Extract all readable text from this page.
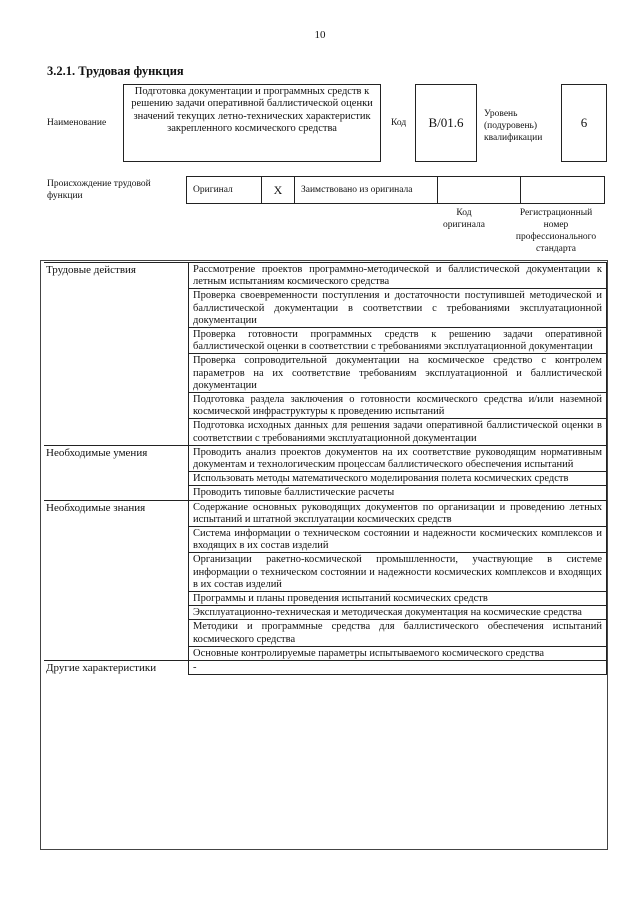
10
3.2.1. Трудовая функция
Наименование
Подготовка документации и программных средств к решению задачи оперативной баллистической оценки значений текущих летно-технических характеристик закрепленного космического средства	Код	B/01.6
Уровень (подуровень) квалификации
6
Происхождение трудовой функции
Оригинал	X	Заимствовано из оригинала		
Код оригинала
Регистрационный номер профессионального стандарта
Трудовые действия	Рассмотрение проектов программно-методической и баллистической документации к летным испытаниям космического средства
	Проверка своевременности поступления и достаточности поступившей методической и баллистической документации в соответствии с требованиями эксплуатационной документации
	Проверка готовности программных средств к решению задачи оперативной баллистической оценки в соответствии с требованиями эксплуатационной документации
	Проверка сопроводительной документации на космическое средство с контролем параметров на их соответствие требованиям эксплуатационной и баллистической документации
	Подготовка раздела заключения о готовности космического средства и/или наземной космической инфраструктуры к проведению испытаний
	Подготовка исходных данных для решения задачи оперативной баллистической оценки в соответствии с требованиями эксплуатационной документации
Необходимые умения	Проводить анализ проектов документов на их соответствие руководящим нормативным документам и технологическим процессам баллистического обеспечения испытаний
	Использовать методы математического моделирования полета космических средств
	Проводить типовые баллистические расчеты
Необходимые знания	Содержание основных руководящих документов по организации и проведению летных испытаний и штатной эксплуатации космических средств
	Система информации о техническом состоянии и надежности космических комплексов и входящих в их состав изделий
	Организации ракетно-космической промышленности, участвующие в системе информации о техническом состоянии и надежности космических комплексов и входящих в их состав изделий
	Программы и планы проведения испытаний космических средств
	Эксплуатационно-техническая и методическая документация на космические средства
	Методики и программные средства для баллистического обеспечения испытаний космического средства
	Основные контролируемые параметры испытываемого космического средства
Другие характеристики	-
